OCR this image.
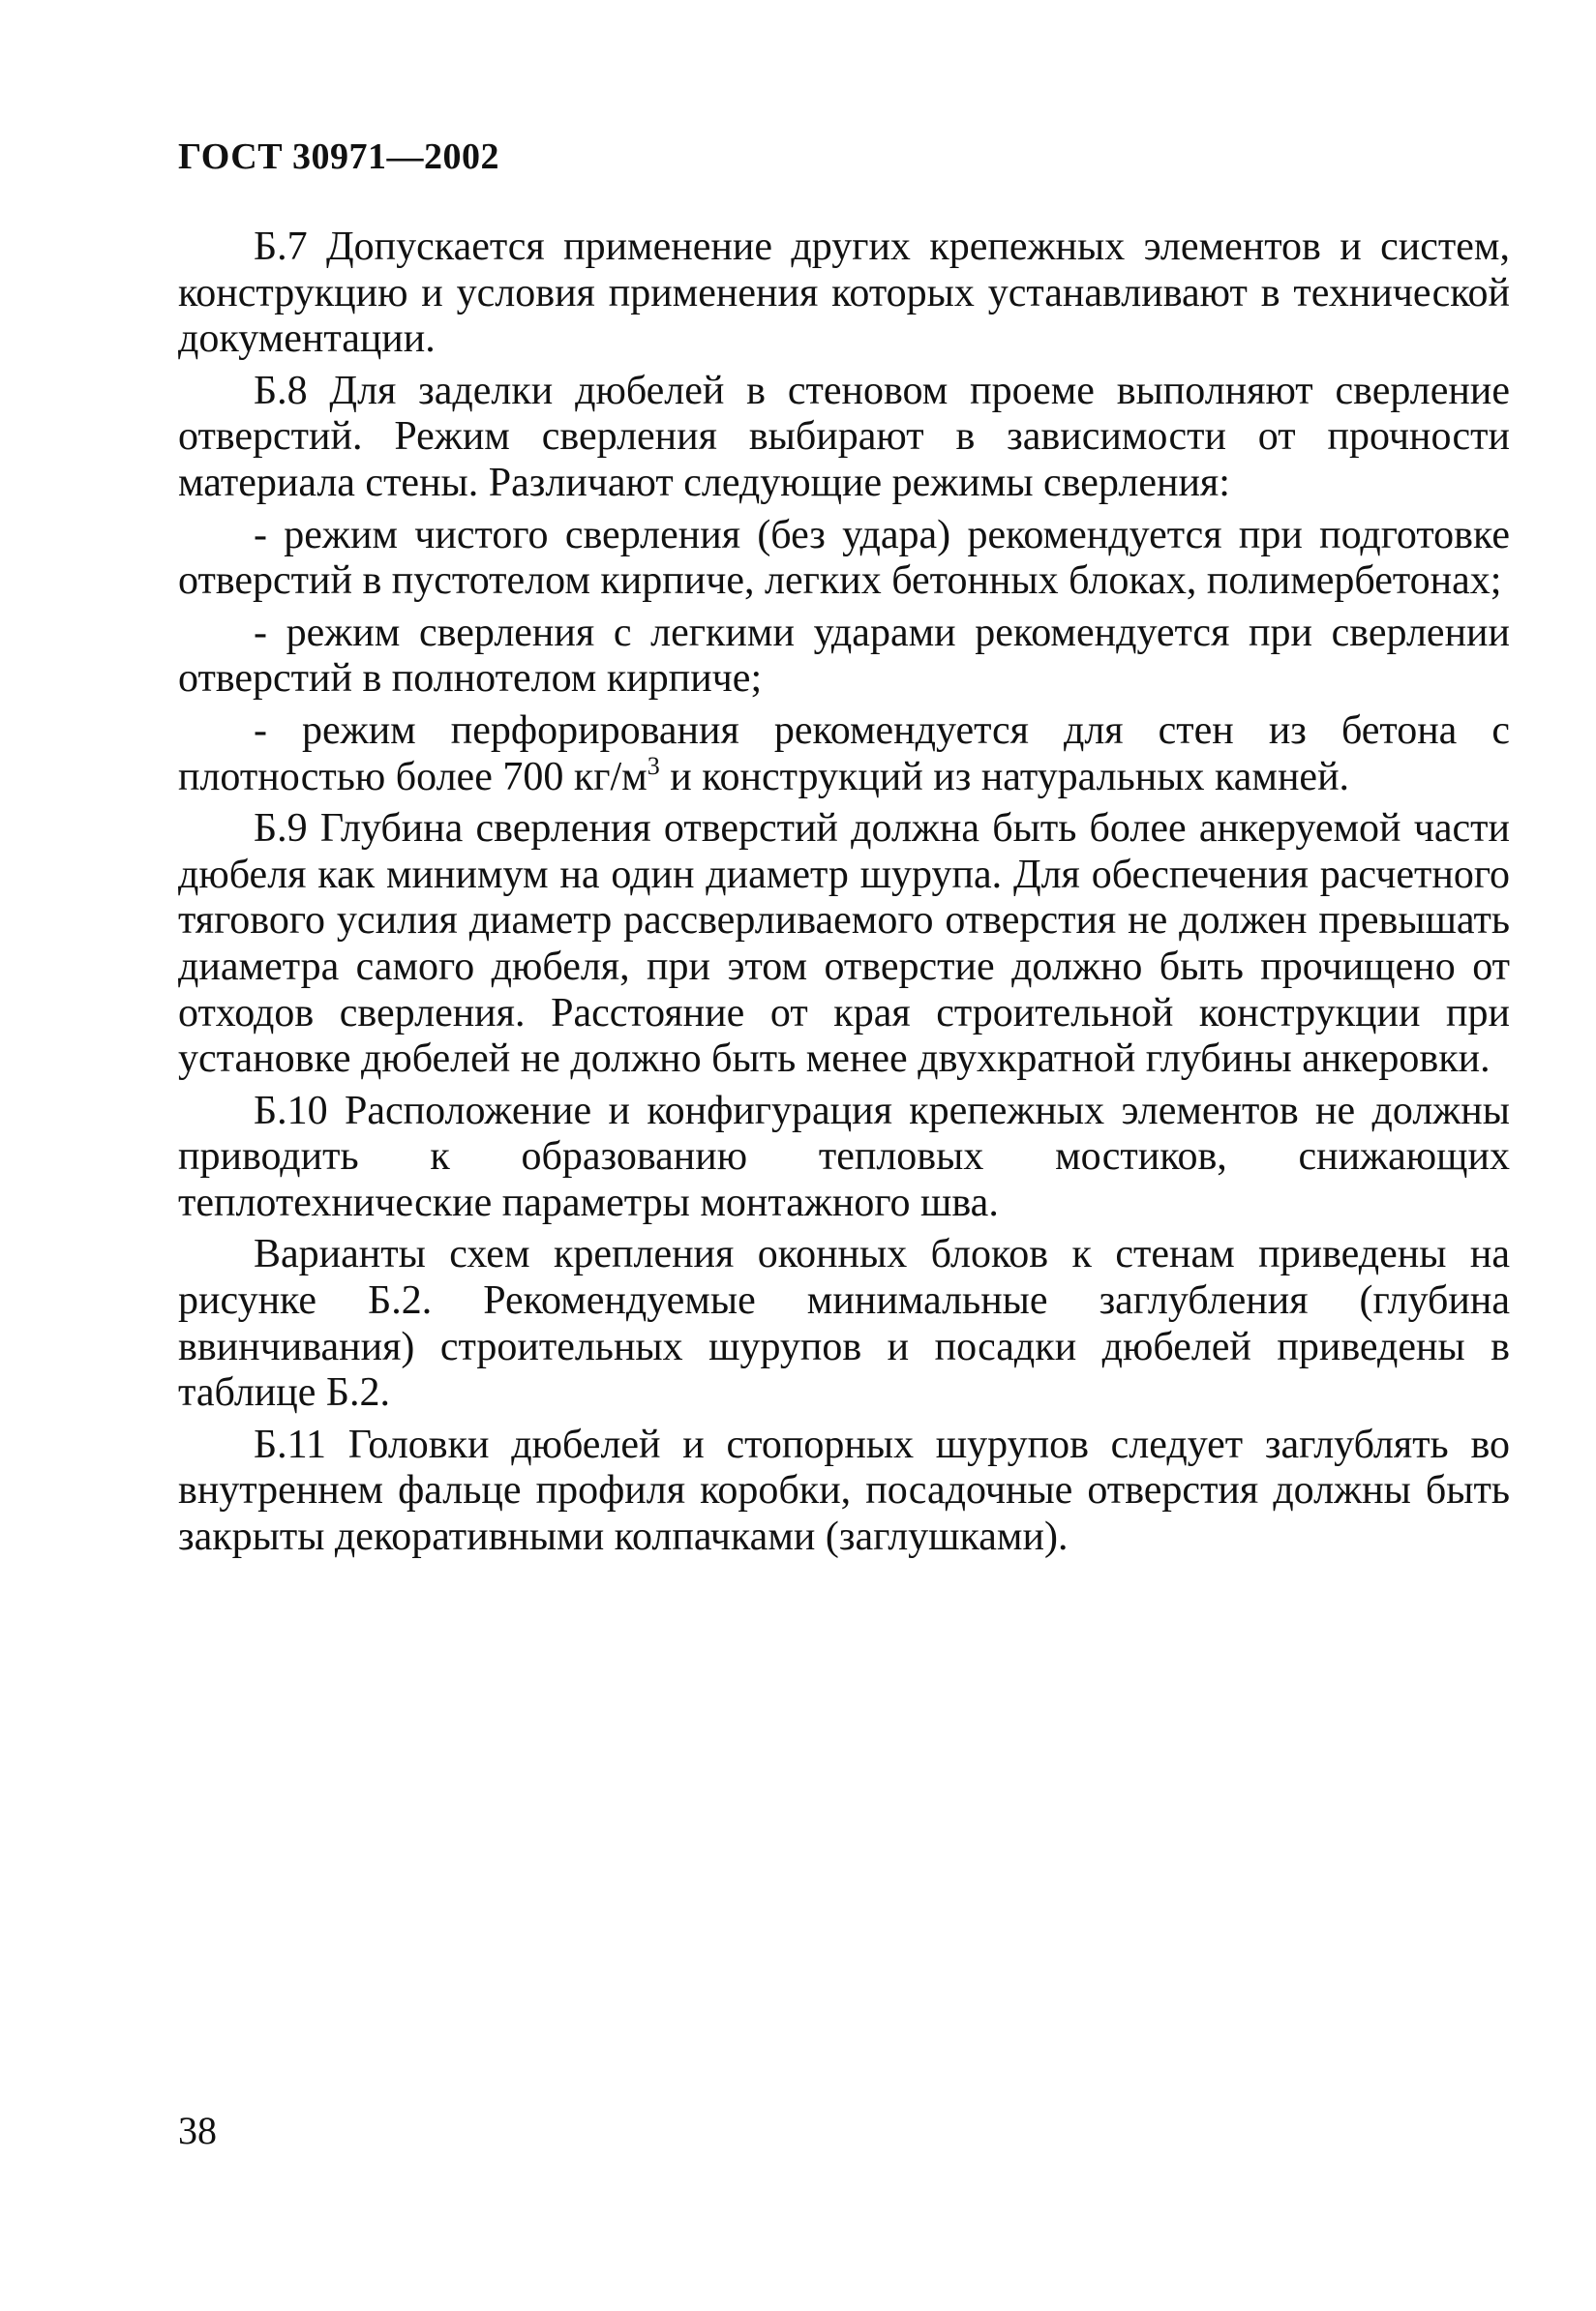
ГОСТ 30971—2002

Б.7 Допускается применение других крепежных элементов и систем, конструкцию и условия применения которых устанавливают в технической документации.

Б.8 Для заделки дюбелей в стеновом проеме выполняют сверление отверстий. Режим сверления выбирают в зависимости от прочности материала стены. Различают следующие режимы сверления:

- режим чистого сверления (без удара) рекомендуется при подготовке отверстий в пустотелом кирпиче, легких бетонных блоках, полимербетонах;

- режим сверления с легкими ударами рекомендуется при сверлении отверстий в полнотелом кирпиче;

- режим перфорирования рекомендуется для стен из бетона с плотностью более 700 $кг/м^3$ и конструкций из натуральных камней.

Б.9 Глубина сверления отверстий должна быть более анкеруемой части дюбеля как минимум на один диаметр шурупа. Для обеспечения расчетного тягового усилия диаметр рассверливаемого отверстия не должен превышать диаметра самого дюбеля, при этом отверстие должно быть прочищено от отходов сверления. Расстояние от края строительной конструкции при установке дюбелей не должно быть менее двухкратной глубины анкеровки.

Б.10 Расположение и конфигурация крепежных элементов не должны приводить к образованию тепловых мостиков, снижающих теплотехнические параметры монтажного шва.

Варианты схем крепления оконных блоков к стенам приведены на рисунке Б.2. Рекомендуемые минимальные заглубления (глубина ввинчивания) строительных шурупов и посадки дюбелей приведены в таблице Б.2.

Б.11 Головки дюбелей и стопорных шурупов следует заглублять во внутреннем фальце профиля коробки, посадочные отверстия должны быть закрыты декоративными колпачками (заглушками).

38
